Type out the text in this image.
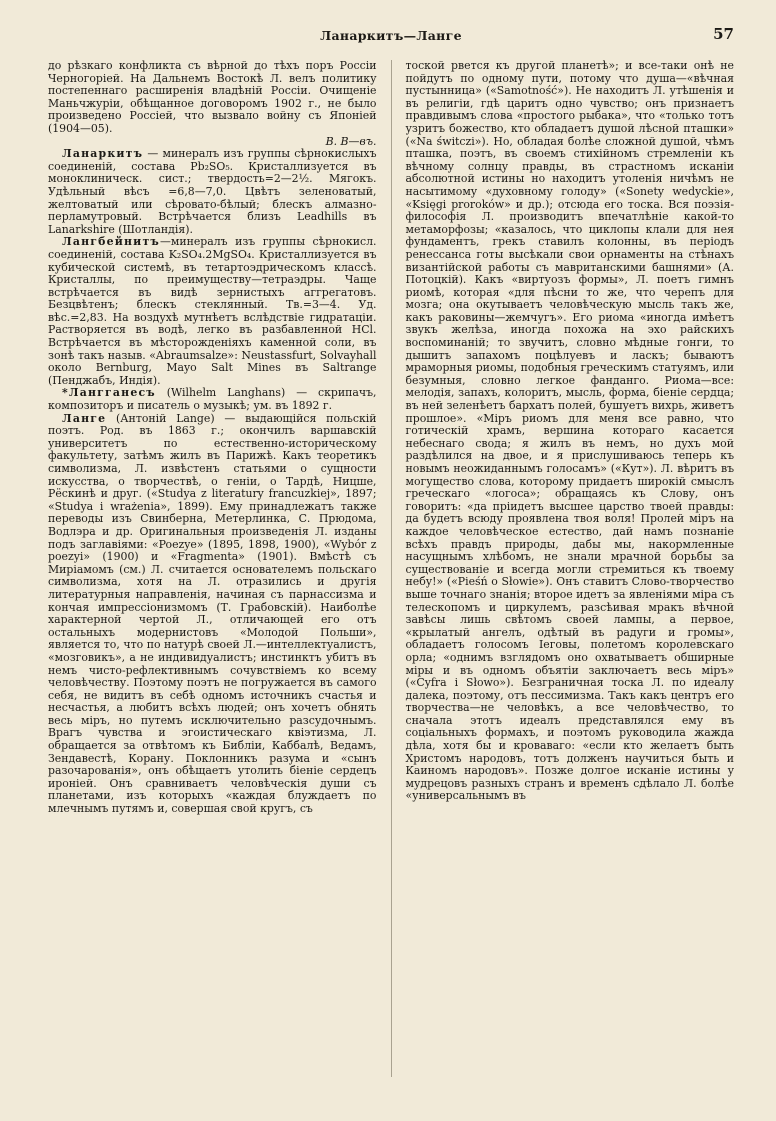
Ланаркитъ—Ланге	57

до рѣзкаго конфликта съ вѣрной до тѣхъ поръ Россіи Черногоріей. На Дальнемъ Востокѣ Л. велъ политику постепеннаго расширенія владѣній Россіи. Очищеніе Маньчжуріи, обѣщанное договоромъ 1902 г., не было произведено Россіей, что вызвало войну съ Японіей (1904—05).

В. В—въ.

Ланаркитъ — минералъ изъ группы сѣрнокислыхъ соединеній, состава Pb₂SO₅. Кристаллизуется въ моноклиническ. сист.; твердость=2—2½. Мягокъ. Удѣльный вѣсъ =6,8—7,0. Цвѣтъ зеленоватый, желтоватый или сѣровато-бѣлый; блескъ алмазно-перламутровый. Встрѣчается близъ Leadhills въ Lanarkshire (Шотландія).

Лангбейнитъ—минералъ изъ группы сѣрнокисл. соединеній, состава K₂SO₄.2MgSO₄. Кристаллизуется въ кубической системѣ, въ тетартоэдрическомъ классѣ. Кристаллы, по преимуществу—тетраэдры. Чаще встрѣчается въ видѣ зернистыхъ аггрегатовъ. Безцвѣтенъ; блескъ стеклянный. Тв.=3—4. Уд. вѣс.=2,83. На воздухѣ мутнѣетъ вслѣдствіе гидратаціи. Растворяется въ водѣ, легко въ разбавленной HCl. Встрѣчается въ мѣсторожденіяхъ каменной соли, въ зонѣ такъ назыв. «Abraumsalze»: Neustassfurt, Solvayhall около Bernburg, Mayo Salt Mines въ Saltrange (Пенджабъ, Индія).

*Лангганесъ (Wilhelm Langhans) — скрипачъ, композиторъ и писатель о музыкѣ; ум. въ 1892 г.

Ланге (Антоній Lange) — выдающійся польскій поэтъ. Род. въ 1863 г.; окончилъ варшавскій университетъ по естественно-историческому факультету, затѣмъ жилъ въ Парижѣ. Какъ теоретикъ символизма, Л. извѣстенъ статьями о сущности искусства, о творчествѣ, о геніи, о Тардѣ, Ницше, Рёскинѣ и друг. («Studya z literatury francuzkiej», 1897; «Studya i wrażenia», 1899). Ему принадлежатъ также переводы изъ Свинберна, Метерлинка, С. Прюдома, Водлэра и др. Оригинальныя произведенія Л. изданы подъ заглавіями: «Poezye» (1895, 1898, 1900), «Wybór z poezyi» (1900) и «Fragmenta» (1901). Вмѣстѣ съ Миріамомъ (см.) Л. считается основателемъ польскаго символизма, хотя на Л. отразились и другія литературныя направленія, начиная съ парнассизма и кончая импрессіонизмомъ (Т. Грабовскій). Наиболѣе характерной чертой Л., отличающей его отъ остальныхъ модернистовъ «Молодой Польши», является то, что по натурѣ своей Л.—интеллектуалистъ, «мозговикъ», а не индивидуалистъ; инстинктъ убитъ въ немъ чисто-рефлективнымъ сочувствіемъ ко всему человѣчеству. Поэтому поэтъ не погружается въ самого себя, не видитъ въ себѣ одномъ источникъ счастья и несчастья, а любитъ всѣхъ людей; онъ хочетъ обнять весь міръ, но путемъ исключительно разсудочнымъ. Врагъ чувства и эгоистическаго квіэтизма, Л. обращается за отвѣтомъ къ Библіи, Каббалѣ, Ведамъ, Зендавестѣ, Корану. Поклонникъ разума и «сынъ разочарованія», онъ обѣщаетъ утолить біеніе сердецъ ироніей. Онъ сравниваетъ человѣческія души съ планетами, изъ которыхъ «каждая блуждаетъ по млечнымъ путямъ и, совершая свой кругъ, съ

тоской рвется къ другой планетѣ»; и все-таки онѣ не пойдутъ по одному пути, потому что душа—«вѣчная пустынница» («Samotność»). Не находитъ Л. утѣшенія и въ религіи, гдѣ царитъ одно чувство; онъ признаетъ правдивымъ слова «простого рыбака», что «только тотъ узритъ божество, кто обладаетъ душой лѣсной пташки» («Na świtczi»). Но, обладая болѣе сложной душой, чѣмъ пташка, поэтъ, въ своемъ стихійномъ стремленіи къ вѣчному солнцу правды, въ страстномъ исканіи абсолютной истины но находитъ утоленія ничѣмъ не насытимому «духовному голоду» («Sonety wedyckie», «Księgi proroków» и др.); отсюда его тоска. Вся поэзія-философія Л. производитъ впечатлѣніе какой-то метаморфозы; «казалось, что циклопы клали для нея фундаментъ, грекъ ставилъ колонны, въ періодъ ренессанса готы высѣкали свои орнаменты на стѣнахъ византійской работы съ мавританскими башнями» (А. Потоцкій). Какъ «виртуозъ формы», Л. поетъ гимнъ риомѣ, которая «для пѣсни то же, что черепъ для мозга; она окутываетъ человѣческую мысль такъ же, какъ раковины—жемчугъ». Его риома «иногда имѣетъ звукъ желѣза, иногда похожа на эхо райскихъ воспоминаній; то звучитъ, словно мѣдные гонги, то дышитъ запахомъ поцѣлуевъ и ласкъ; бываютъ мраморныя риомы, подобныя греческимъ статуямъ, или безумныя, словно легкое фанданго. Риома—все: мелодія, запахъ, колоритъ, мысль, форма, біеніе сердца; въ ней зеленѣетъ бархатъ полей, бушуетъ вихрь, живетъ прошлое». «Міръ риомъ для меня все равно, что готическій храмъ, вершина котораго касается небеснаго свода; я жилъ въ немъ, но духъ мой раздѣлился на двое, и я прислушиваюсь теперь къ новымъ неожиданнымъ голосамъ» («Кут»). Л. вѣритъ въ могущество слова, которому придаетъ широкій смыслъ греческаго «логоса»; обращаясь къ Слову, онъ говоритъ: «да пріидетъ высшее царство твоей правды: да будетъ всюду проявлена твоя воля! Пролей міръ на каждое человѣческое естество, дай намъ познаніе всѣхъ правдъ природы, дабы мы, накормленные насущнымъ хлѣбомъ, не знали мрачной борьбы за существованіе и всегда могли стремиться къ твоему небу!» («Pieśń o Słowie»). Онъ ставитъ Слово-творчество выше точнаго знанія; второе идетъ за явленіями міра съ телескопомъ и циркулемъ, разсѣивая мракъ вѣчной завѣсы лишь свѣтомъ своей лампы, а первое, «крылатый ангелъ, одѣтый въ радуги и громы», обладаетъ голосомъ Іеговы, полетомъ королевскаго орла; «однимъ взглядомъ оно охватываетъ обширные міры и въ одномъ объятіи заключаетъ весь міръ» («Cyfra i Słowo»). Безграничная тоска Л. по идеалу далека, поэтому, отъ пессимизма. Такъ какъ центръ его творчества—не человѣкъ, а все человѣчество, то сначала этотъ идеалъ представлялся ему въ соціальныхъ формахъ, и поэтомъ руководила жажда дѣла, хотя бы и кроваваго: «если кто желаетъ быть Христомъ народовъ, тотъ долженъ научиться быть и Каиномъ народовъ». Позже долгое исканіе истины у мудрецовъ разныхъ странъ и временъ сдѣлало Л. болѣе «универсальнымъ въ
